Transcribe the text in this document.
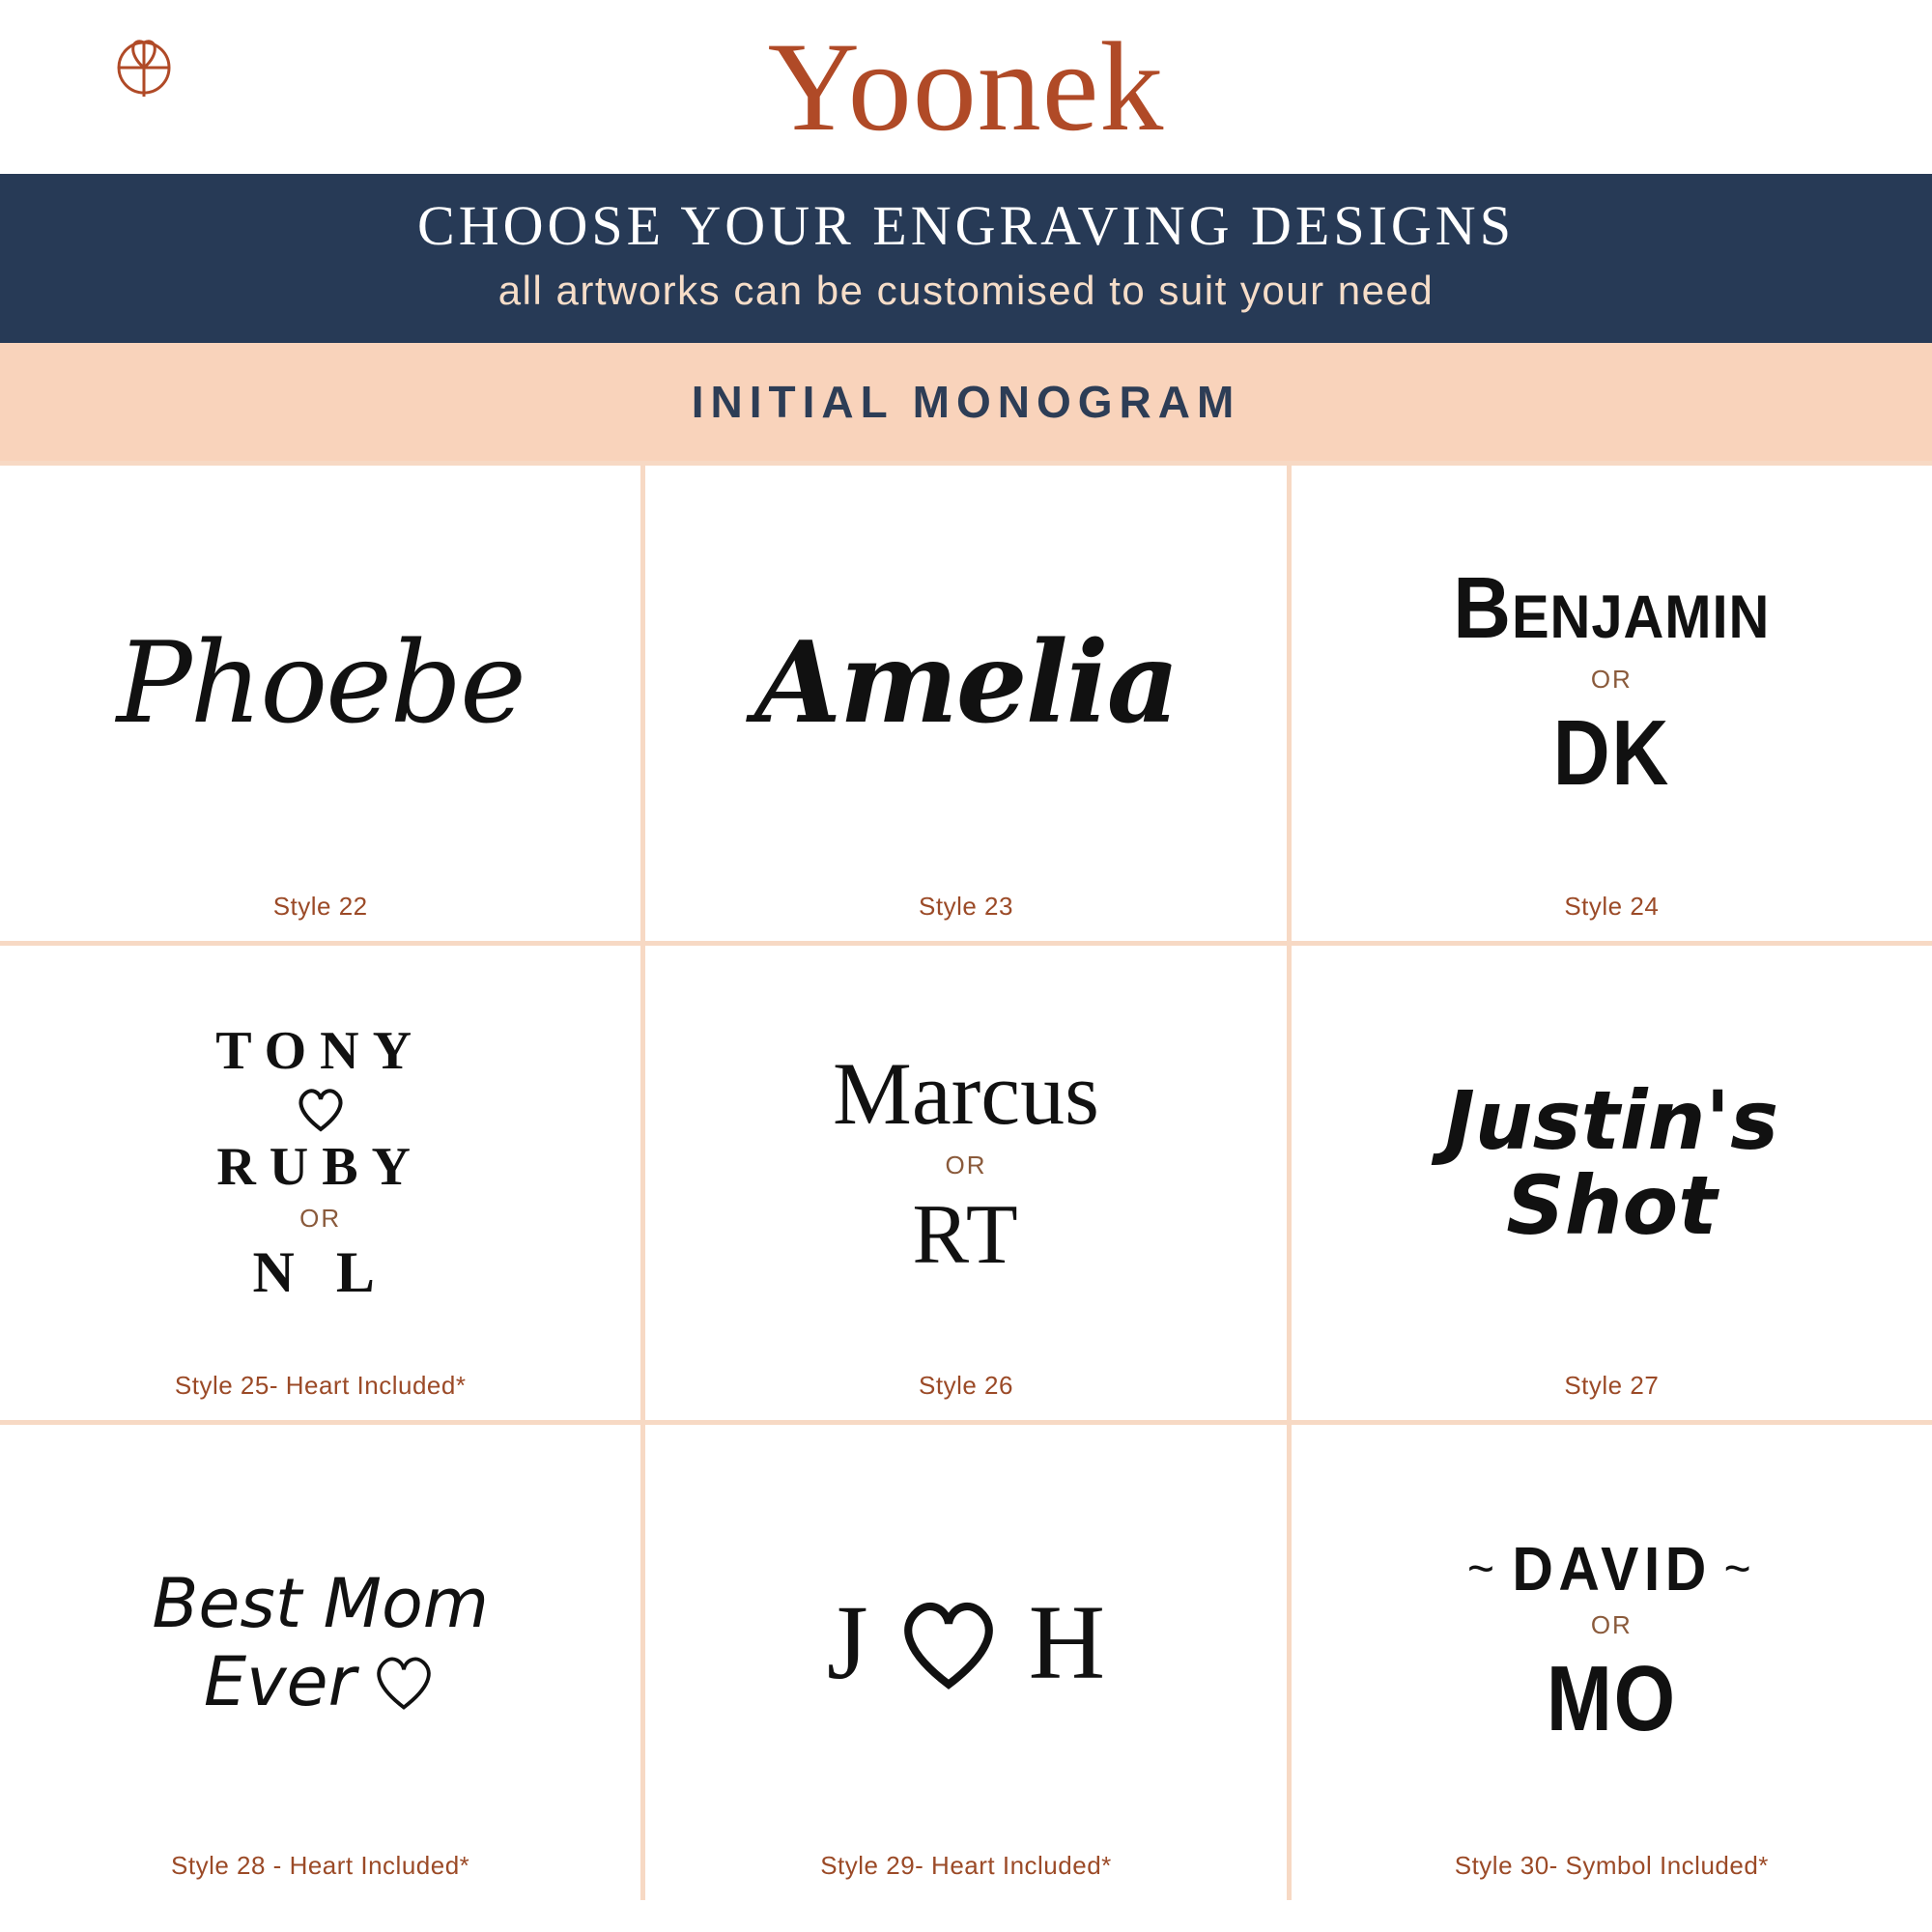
Yoonek
CHOOSE YOUR ENGRAVING DESIGNS
all artworks can be customised to suit your need
INITIAL MONOGRAM
Phoebe
Style 22
Amelia
Style 23
Benjamin
OR
DK
Style 24
TONY
RUBY
OR
N L
Style 25- Heart Included*
Marcus
OR
RT
Style 26
Justin's
Shot
Style 27
Best Mom
Ever
Style 28 - Heart Included*
J H
Style 29- Heart Included*
~ DAVID ~
OR
MO
Style 30- Symbol Included*
